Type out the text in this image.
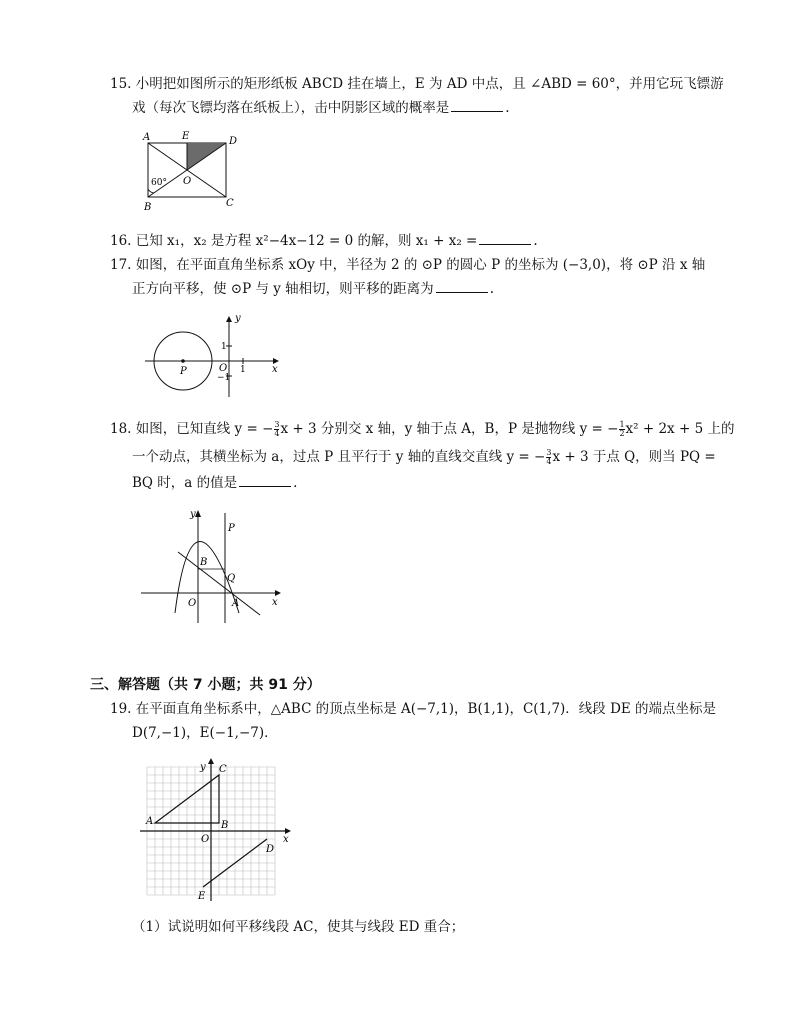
15. 小明把如图所示的矩形纸板 ABCD 挂在墙上，E 为 AD 中点，且 ∠ABD = 60°，并用它玩飞镖游
戏（每次飞镖均落在纸板上），击中阴影区域的概率是	.
A	E	D
B	C
O
60°
16. 已知 x₁，x₂ 是方程 x²−4x−12 = 0 的解，则 x₁ + x₂ =	.
17. 如图，在平面直角坐标系 xOy 中，半径为 2 的 ⊙P 的圆心 P 的坐标为 (−3,0)，将 ⊙P 沿 x 轴
正方向平移，使 ⊙P 与 y 轴相切，则平移的距离为	.
y
x
P	O
1
1
−1
18. 如图，已知直线 y = − $\frac{3}{4}$ x + 3 分别交 x 轴，y 轴于点 A，B，P 是抛物线 y = − $\frac{1}{2} x^2 + 2x + 5$ 上的
一个动点，其横坐标为 a，过点 P 且平行于 y 轴的直线交直线 y = − $\frac{3}{4}$ x + 3 于点 Q，则当 PQ =
BQ 时，a 的值是	.
y
x
P
B
Q
O	A
三、解答题（共 7 小题；共 91 分）
19. 在平面直角坐标系中，△ABC 的顶点坐标是 A(−7,1)，B(1,1)，C(1,7)．线段 DE 的端点坐标是
D(7,−1)，E(−1,−7)．
y
x
A	B
C
O
D
E
（1）试说明如何平移线段 AC，使其与线段 ED 重合；
